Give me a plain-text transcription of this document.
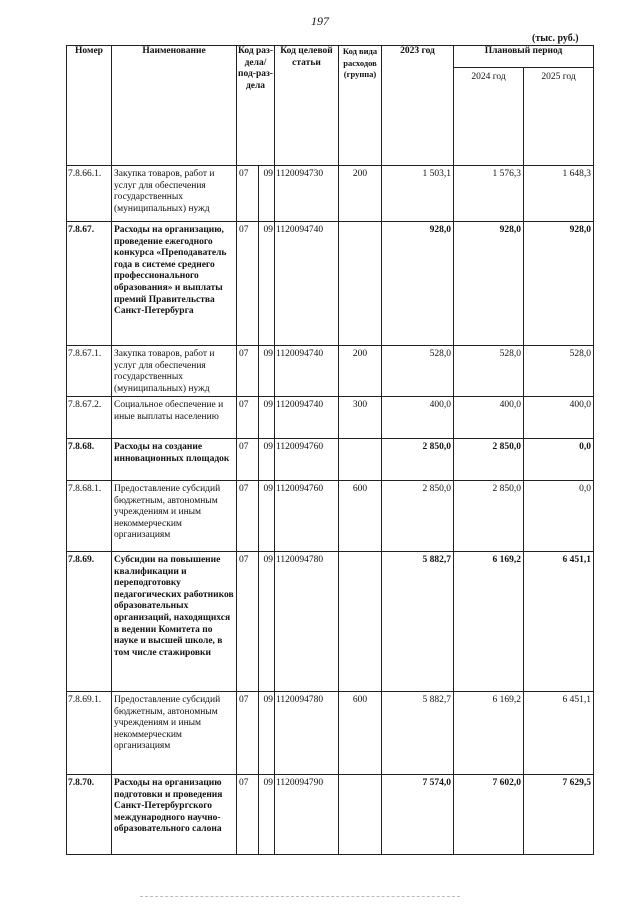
197
(тыс. руб.)
Номер	Наименование	Код раз-дела/ под-раз-дела		Код целевой статьи	Код вида расходов (группа)	2023 год	Плановый период	
							2024 год	2025 год
7.8.66.1.	Закупка товаров, работ и услуг для обеспечения государственных (муниципальных) нужд	07	09	1120094730	200	1 503,1	1 576,3	1 648,3
7.8.67.	Расходы на организацию, проведение ежегодного конкурса «Преподаватель года в системе среднего профессионального образования» и выплаты премий Правительства Санкт-Петербурга	07	09	1120094740		928,0	928,0	928,0
7.8.67.1.	Закупка товаров, работ и услуг для обеспечения государственных (муниципальных) нужд	07	09	1120094740	200	528,0	528,0	528,0
7.8.67.2.	Социальное обеспечение и иные выплаты населению	07	09	1120094740	300	400,0	400,0	400,0
7.8.68.	Расходы на создание инновационных площадок	07	09	1120094760		2 850,0	2 850,0	0,0
7.8.68.1.	Предоставление субсидий бюджетным, автономным учреждениям и иным некоммерческим организациям	07	09	1120094760	600	2 850,0	2 850,0	0,0
7.8.69.	Субсидии на повышение квалификации и переподготовку педагогических работников образовательных организаций, находящихся в ведении Комитета по науке и высшей школе, в том числе стажировки	07	09	1120094780		5 882,7	6 169,2	6 451,1
7.8.69.1.	Предоставление субсидий бюджетным, автономным учреждениям и иным некоммерческим организациям	07	09	1120094780	600	5 882,7	6 169,2	6 451,1
7.8.70.	Расходы на организацию подготовки и проведения Санкт-Петербургского международного научно-образовательного салона	07	09	1120094790		7 574,0	7 602,0	7 629,5
